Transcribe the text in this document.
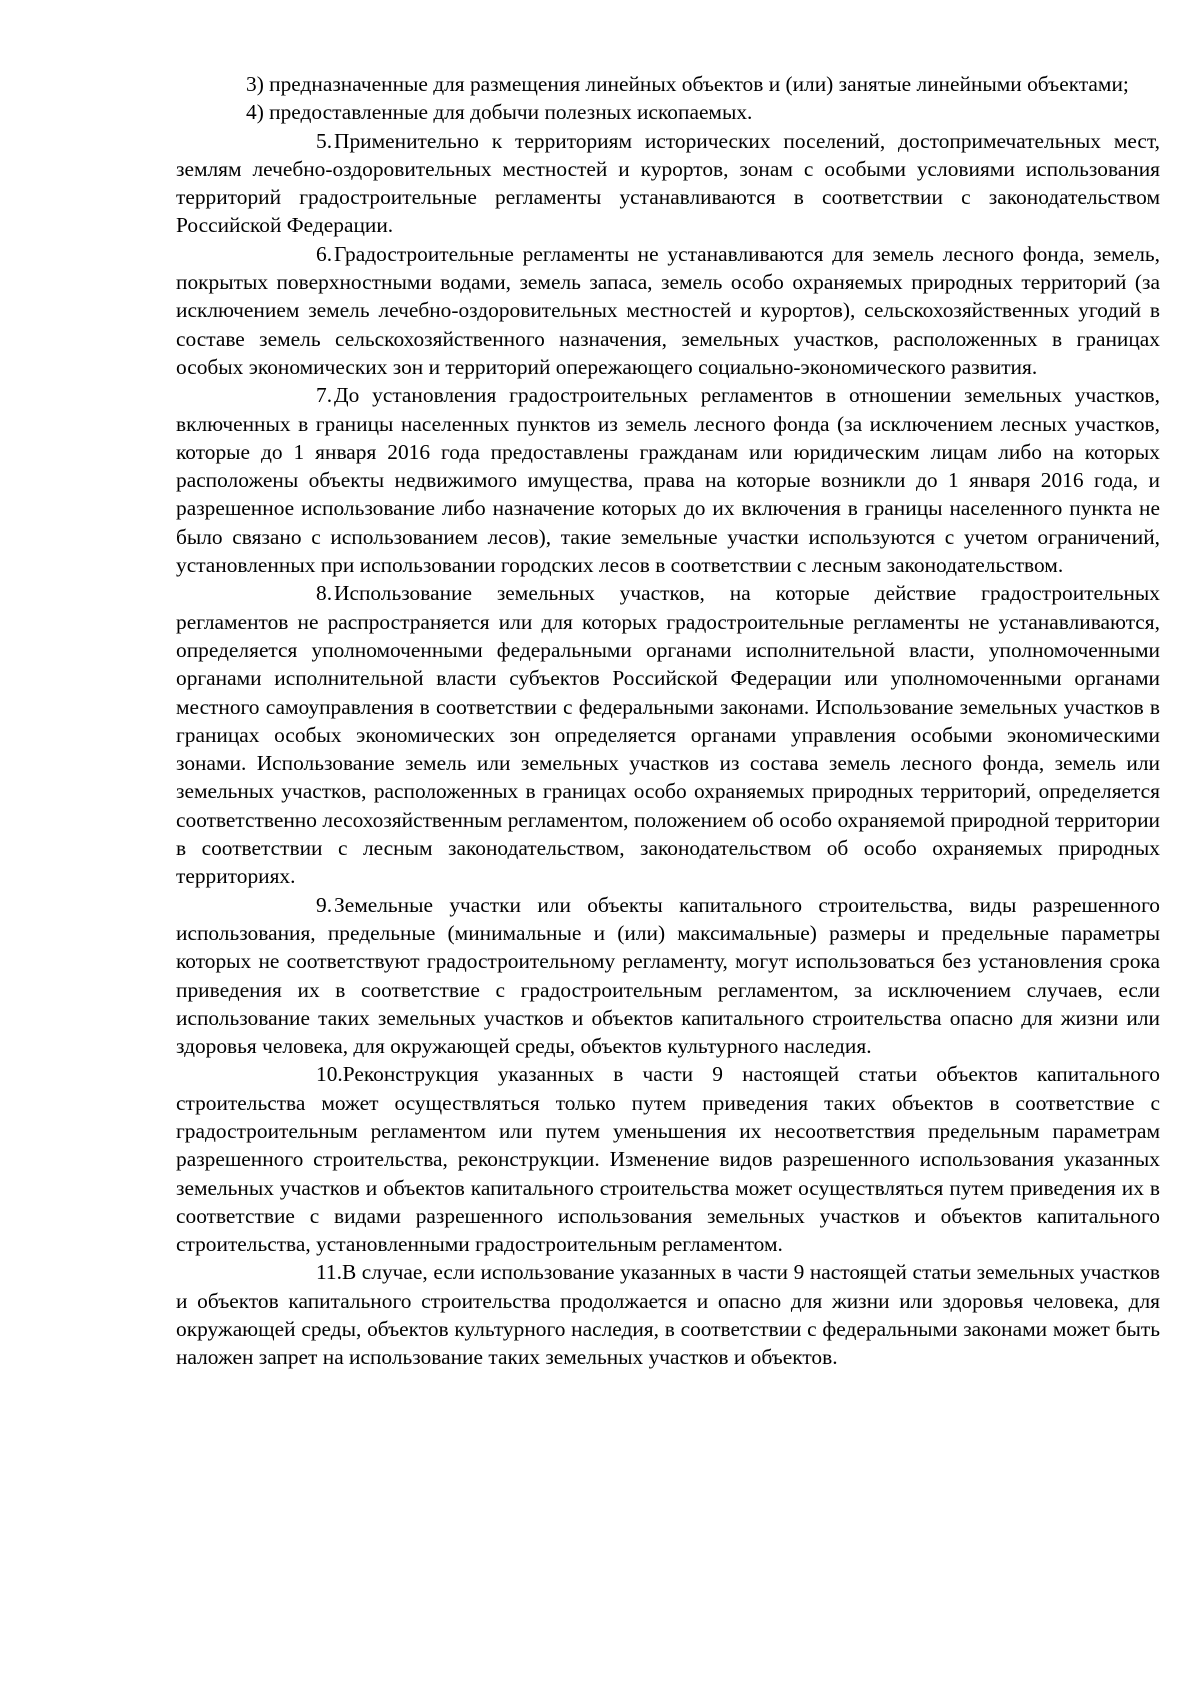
3) предназначенные для размещения линейных объектов и (или) занятые линейными объектами;

4) предоставленные для добычи полезных ископаемых.

5.Применительно к территориям исторических поселений, достопримечательных мест, землям лечебно-оздоровительных местностей и курортов, зонам с особыми условиями использования территорий градостроительные регламенты устанавливаются в соответствии с законодательством Российской Федерации.

6.Градостроительные регламенты не устанавливаются для земель лесного фонда, земель, покрытых поверхностными водами, земель запаса, земель особо охраняемых природных территорий (за исключением земель лечебно-оздоровительных местностей и курортов), сельскохозяйственных угодий в составе земель сельскохозяйственного назначения, земельных участков, расположенных в границах особых экономических зон и территорий опережающего социально-экономического развития.

7.До установления градостроительных регламентов в отношении земельных участков, включенных в границы населенных пунктов из земель лесного фонда (за исключением лесных участков, которые до 1 января 2016 года предоставлены гражданам или юридическим лицам либо на которых расположены объекты недвижимого имущества, права на которые возникли до 1 января 2016 года, и разрешенное использование либо назначение которых до их включения в границы населенного пункта не было связано с использованием лесов), такие земельные участки используются с учетом ограничений, установленных при использовании городских лесов в соответствии с лесным законодательством.

8.Использование земельных участков, на которые действие градостроительных регламентов не распространяется или для которых градостроительные регламенты не устанавливаются, определяется уполномоченными федеральными органами исполнительной власти, уполномоченными органами исполнительной власти субъектов Российской Федерации или уполномоченными органами местного самоуправления в соответствии с федеральными законами. Использование земельных участков в границах особых экономических зон определяется органами управления особыми экономическими зонами. Использование земель или земельных участков из состава земель лесного фонда, земель или земельных участков, расположенных в границах особо охраняемых природных территорий, определяется соответственно лесохозяйственным регламентом, положением об особо охраняемой природной территории в соответствии с лесным законодательством, законодательством об особо охраняемых природных территориях.

9.Земельные участки или объекты капитального строительства, виды разрешенного использования, предельные (минимальные и (или) максимальные) размеры и предельные параметры которых не соответствуют градостроительному регламенту, могут использоваться без установления срока приведения их в соответствие с градостроительным регламентом, за исключением случаев, если использование таких земельных участков и объектов капитального строительства опасно для жизни или здоровья человека, для окружающей среды, объектов культурного наследия.

10.Реконструкция указанных в части 9 настоящей статьи объектов капитального строительства может осуществляться только путем приведения таких объектов в соответствие с градостроительным регламентом или путем уменьшения их несоответствия предельным параметрам разрешенного строительства, реконструкции. Изменение видов разрешенного использования указанных земельных участков и объектов капитального строительства может осуществляться путем приведения их в соответствие с видами разрешенного использования земельных участков и объектов капитального строительства, установленными градостроительным регламентом.

11.В случае, если использование указанных в части 9 настоящей статьи земельных участков и объектов капитального строительства продолжается и опасно для жизни или здоровья человека, для окружающей среды, объектов культурного наследия, в соответствии с федеральными законами может быть наложен запрет на использование таких земельных участков и объектов.
